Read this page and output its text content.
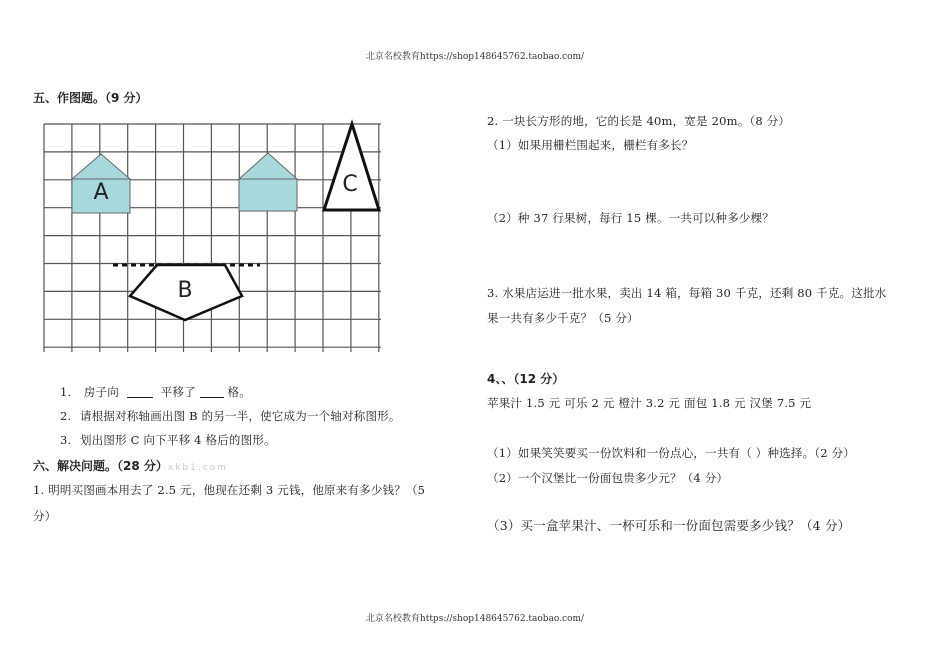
北京名校教育https://shop148645762.taobao.com/
五、作图题。（9 分）
A	C
B
1. 房子向	平移了	格。
2. 请根据对称轴画出图 B 的另一半，使它成为一个轴对称图形。
3. 划出图形 C 向下平移 4 格后的图形。
六、解决问题。（28 分）xkb1.com
1. 明明买图画本用去了 2.5 元，他现在还剩 3 元钱，他原来有多少钱？（5
分）
2. 一块长方形的地，它的长是 40m，宽是 20m。（8 分）
（1）如果用栅栏围起来，栅栏有多长？
（2）种 37 行果树，每行 15 棵。一共可以种多少棵？
3. 水果店运进一批水果，卖出 14 箱，每箱 30 千克，还剩 80 千克。这批水
果一共有多少千克？（5 分）
4、、（12 分）
苹果汁 1.5 元 可乐 2 元 橙汁 3.2 元 面包 1.8 元 汉堡 7.5 元
（1）如果笑笑要买一份饮料和一份点心，一共有（ ）种选择。（2 分）
（2）一个汉堡比一份面包贵多少元？（4 分）
（3）买一盒苹果汁、一杯可乐和一份面包需要多少钱？（4 分）
北京名校教育https://shop148645762.taobao.com/
